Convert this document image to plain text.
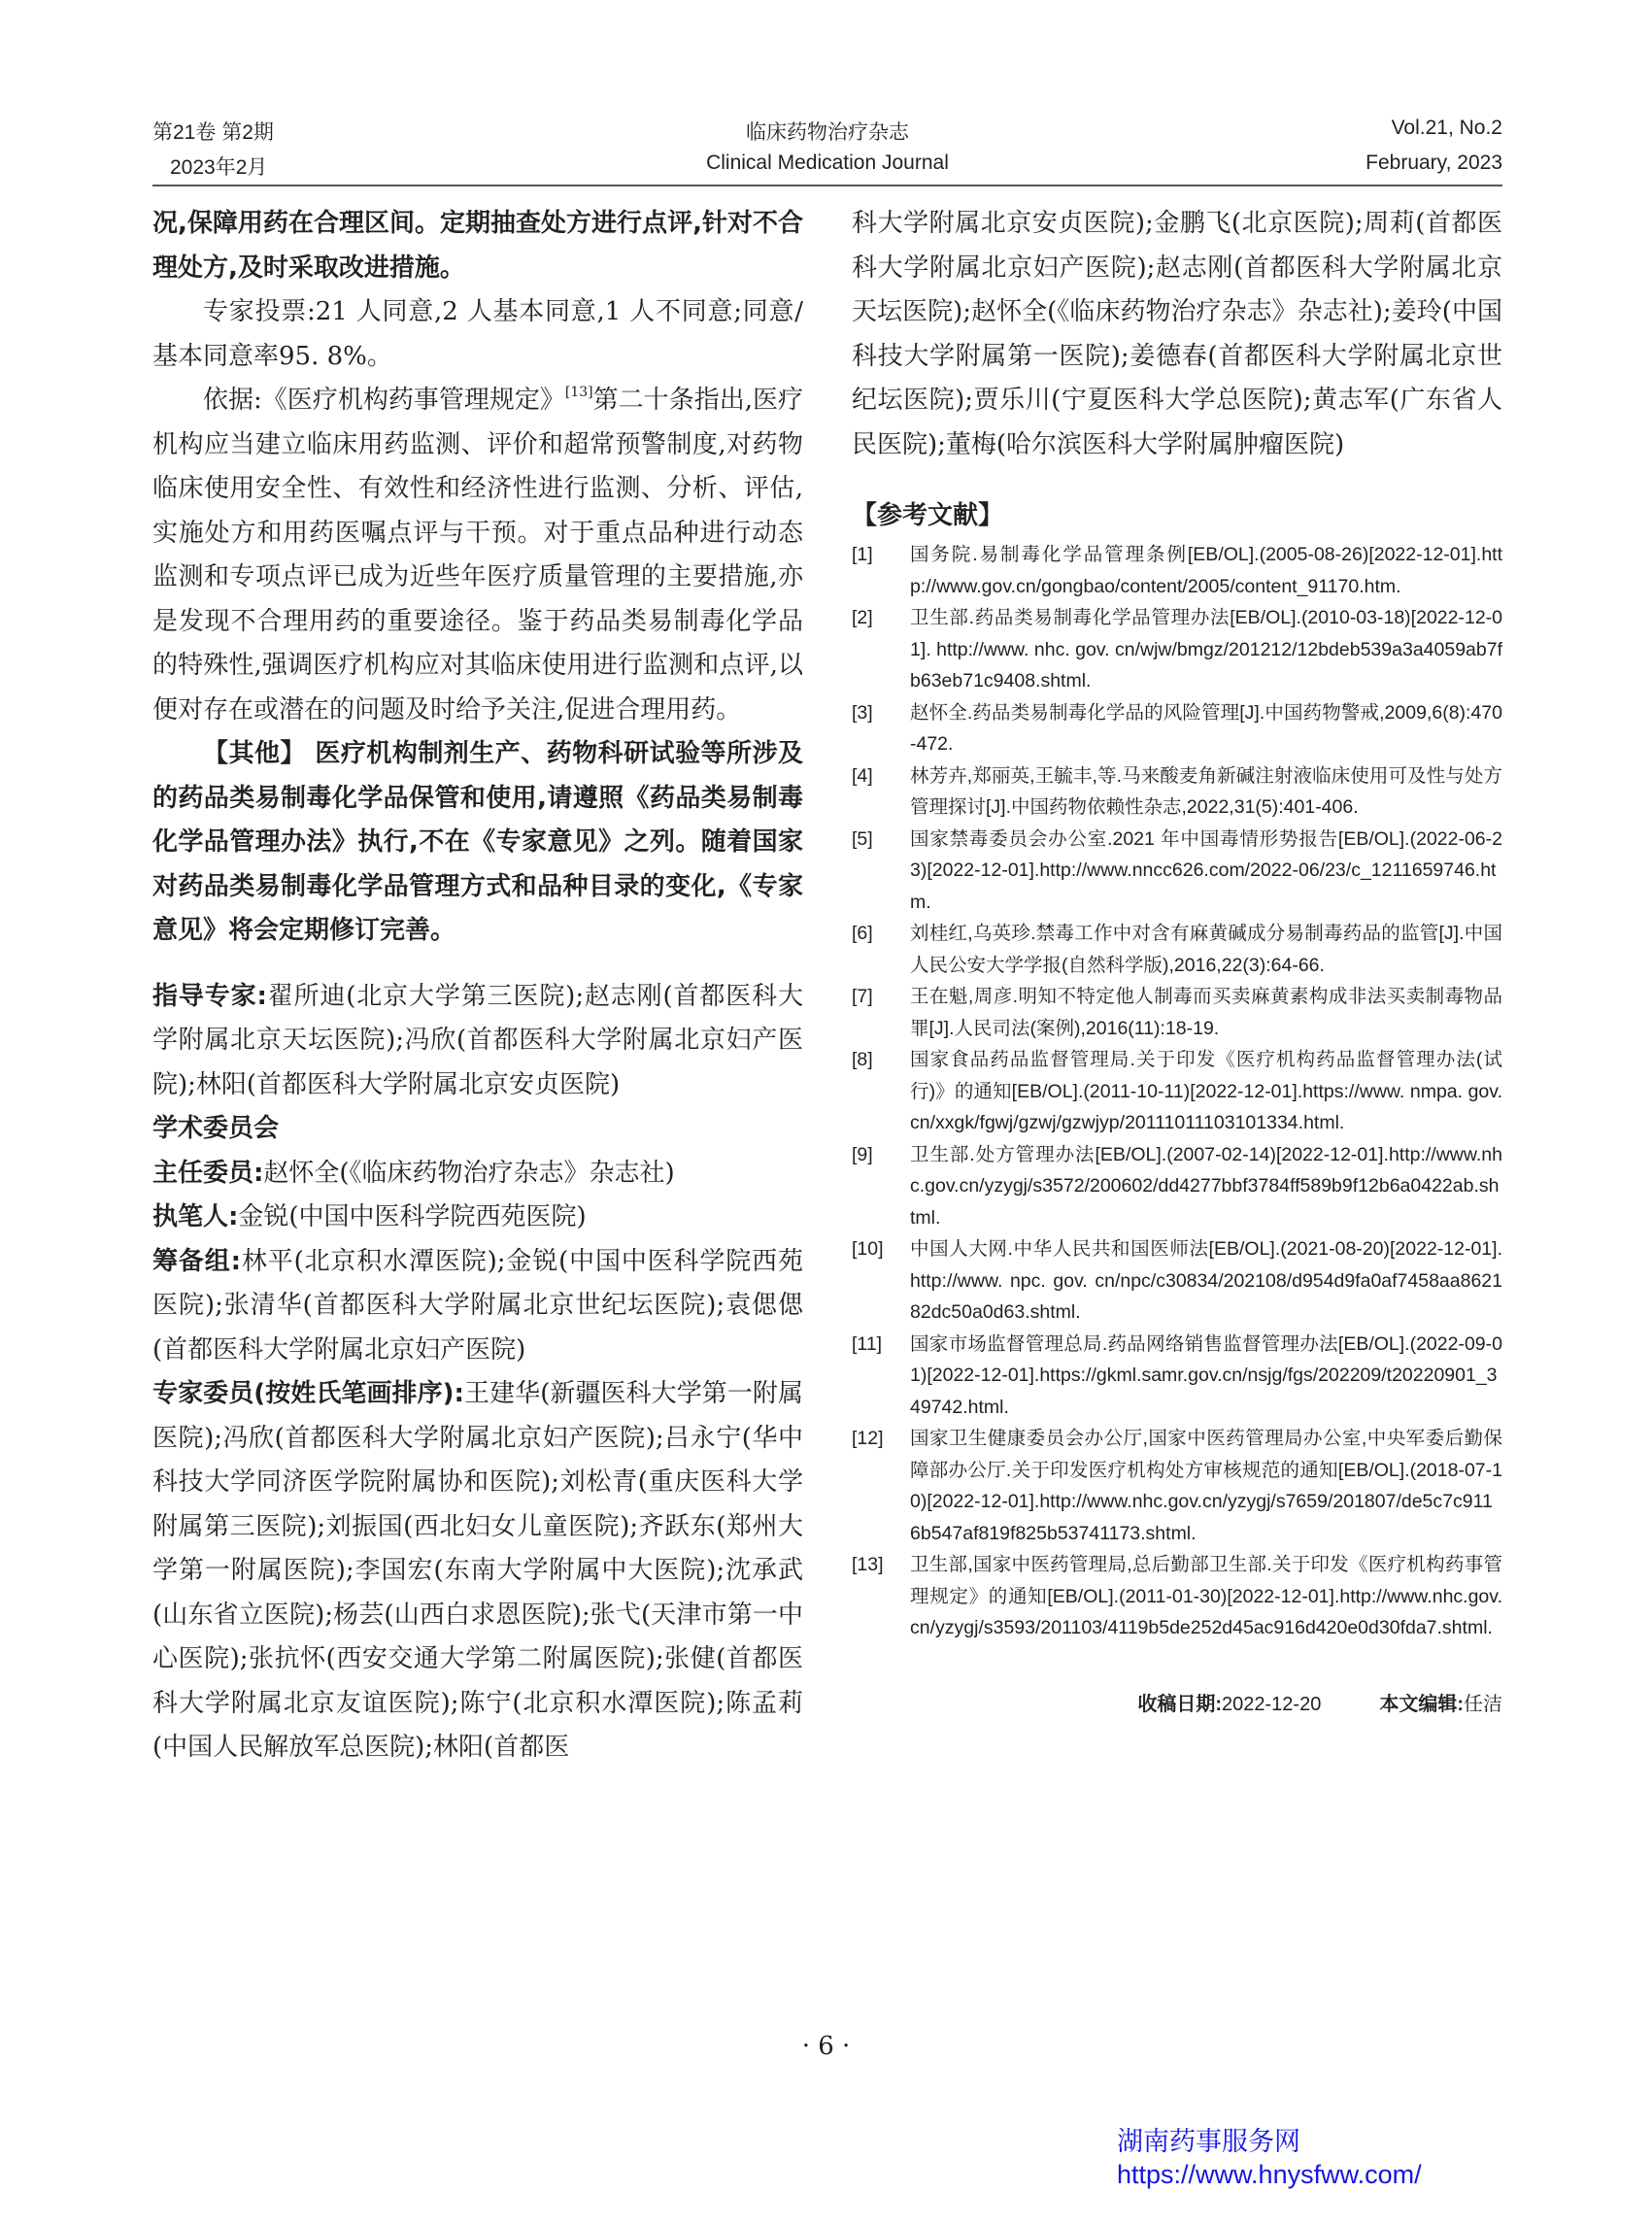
第21卷 第2期
2023年2月
临床药物治疗杂志
Clinical Medication Journal
Vol.21, No.2
February, 2023

况,保障用药在合理区间。定期抽查处方进行点评,针对不合理处方,及时采取改进措施。

专家投票:21 人同意,2 人基本同意,1 人不同意;同意/基本同意率95. 8%。

依据:《医疗机构药事管理规定》[13]第二十条指出,医疗机构应当建立临床用药监测、评价和超常预警制度,对药物临床使用安全性、有效性和经济性进行监测、分析、评估,实施处方和用药医嘱点评与干预。对于重点品种进行动态监测和专项点评已成为近些年医疗质量管理的主要措施,亦是发现不合理用药的重要途径。鉴于药品类易制毒化学品的特殊性,强调医疗机构应对其临床使用进行监测和点评,以便对存在或潜在的问题及时给予关注,促进合理用药。

【其他】 医疗机构制剂生产、药物科研试验等所涉及的药品类易制毒化学品保管和使用,请遵照《药品类易制毒化学品管理办法》执行,不在《专家意见》之列。随着国家对药品类易制毒化学品管理方式和品种目录的变化,《专家意见》将会定期修订完善。

指导专家:翟所迪(北京大学第三医院);赵志刚(首都医科大学附属北京天坛医院);冯欣(首都医科大学附属北京妇产医院);林阳(首都医科大学附属北京安贞医院)

学术委员会

主任委员:赵怀全(《临床药物治疗杂志》杂志社)

执笔人:金锐(中国中医科学院西苑医院)

筹备组:林平(北京积水潭医院);金锐(中国中医科学院西苑医院);张清华(首都医科大学附属北京世纪坛医院);袁偲偲(首都医科大学附属北京妇产医院)

专家委员(按姓氏笔画排序):王建华(新疆医科大学第一附属医院);冯欣(首都医科大学附属北京妇产医院);吕永宁(华中科技大学同济医学院附属协和医院);刘松青(重庆医科大学附属第三医院);刘振国(西北妇女儿童医院);齐跃东(郑州大学第一附属医院);李国宏(东南大学附属中大医院);沈承武(山东省立医院);杨芸(山西白求恩医院);张弋(天津市第一中心医院);张抗怀(西安交通大学第二附属医院);张健(首都医科大学附属北京友谊医院);陈宁(北京积水潭医院);陈孟莉(中国人民解放军总医院);林阳(首都医

科大学附属北京安贞医院);金鹏飞(北京医院);周莉(首都医科大学附属北京妇产医院);赵志刚(首都医科大学附属北京天坛医院);赵怀全(《临床药物治疗杂志》杂志社);姜玲(中国科技大学附属第一医院);姜德春(首都医科大学附属北京世纪坛医院);贾乐川(宁夏医科大学总医院);黄志军(广东省人民医院);董梅(哈尔滨医科大学附属肿瘤医院)

【参考文献】
[1]	国务院.易制毒化学品管理条例[EB/OL].(2005-08-26)[2022-12-01].http://www.gov.cn/gongbao/content/2005/content_91170.htm.
[2]	卫生部.药品类易制毒化学品管理办法[EB/OL].(2010-03-18)[2022-12-01]. http://www. nhc. gov. cn/wjw/bmgz/201212/12bdeb539a3a4059ab7fb63eb71c9408.shtml.
[3]	赵怀全.药品类易制毒化学品的风险管理[J].中国药物警戒,2009,6(8):470-472.
[4]	林芳卉,郑丽英,王毓丰,等.马来酸麦角新碱注射液临床使用可及性与处方管理探讨[J].中国药物依赖性杂志,2022,31(5):401-406.
[5]	国家禁毒委员会办公室.2021 年中国毒情形势报告[EB/OL].(2022-06-23)[2022-12-01].http://www.nncc626.com/2022-06/23/c_1211659746.htm.
[6]	刘桂红,乌英珍.禁毒工作中对含有麻黄碱成分易制毒药品的监管[J].中国人民公安大学学报(自然科学版),2016,22(3):64-66.
[7]	王在魁,周彦.明知不特定他人制毒而买卖麻黄素构成非法买卖制毒物品罪[J].人民司法(案例),2016(11):18-19.
[8]	国家食品药品监督管理局.关于印发《医疗机构药品监督管理办法(试行)》的通知[EB/OL].(2011-10-11)[2022-12-01].https://www. nmpa. gov. cn/xxgk/fgwj/gzwj/gzwjyp/20111011103101334.html.
[9]	卫生部.处方管理办法[EB/OL].(2007-02-14)[2022-12-01].http://www.nhc.gov.cn/yzygj/s3572/200602/dd4277bbf3784ff589b9f12b6a0422ab.shtml.
[10]	中国人大网.中华人民共和国医师法[EB/OL].(2021-08-20)[2022-12-01].http://www. npc. gov. cn/npc/c30834/202108/d954d9fa0af7458aa862182dc50a0d63.shtml.
[11]	国家市场监督管理总局.药品网络销售监督管理办法[EB/OL].(2022-09-01)[2022-12-01].https://gkml.samr.gov.cn/nsjg/fgs/202209/t20220901_349742.html.
[12]	国家卫生健康委员会办公厅,国家中医药管理局办公室,中央军委后勤保障部办公厅.关于印发医疗机构处方审核规范的通知[EB/OL].(2018-07-10)[2022-12-01].http://www.nhc.gov.cn/yzygj/s7659/201807/de5c7c9116b547af819f825b53741173.shtml.
[13]	卫生部,国家中医药管理局,总后勤部卫生部.关于印发《医疗机构药事管理规定》的通知[EB/OL].(2011-01-30)[2022-12-01].http://www.nhc.gov.cn/yzygj/s3593/201103/4119b5de252d45ac916d420e0d30fda7.shtml.
收稿日期:2022-12-20	本文编辑:任洁
· 6 ·
湖南药事服务网
https://www.hnysfww.com/
